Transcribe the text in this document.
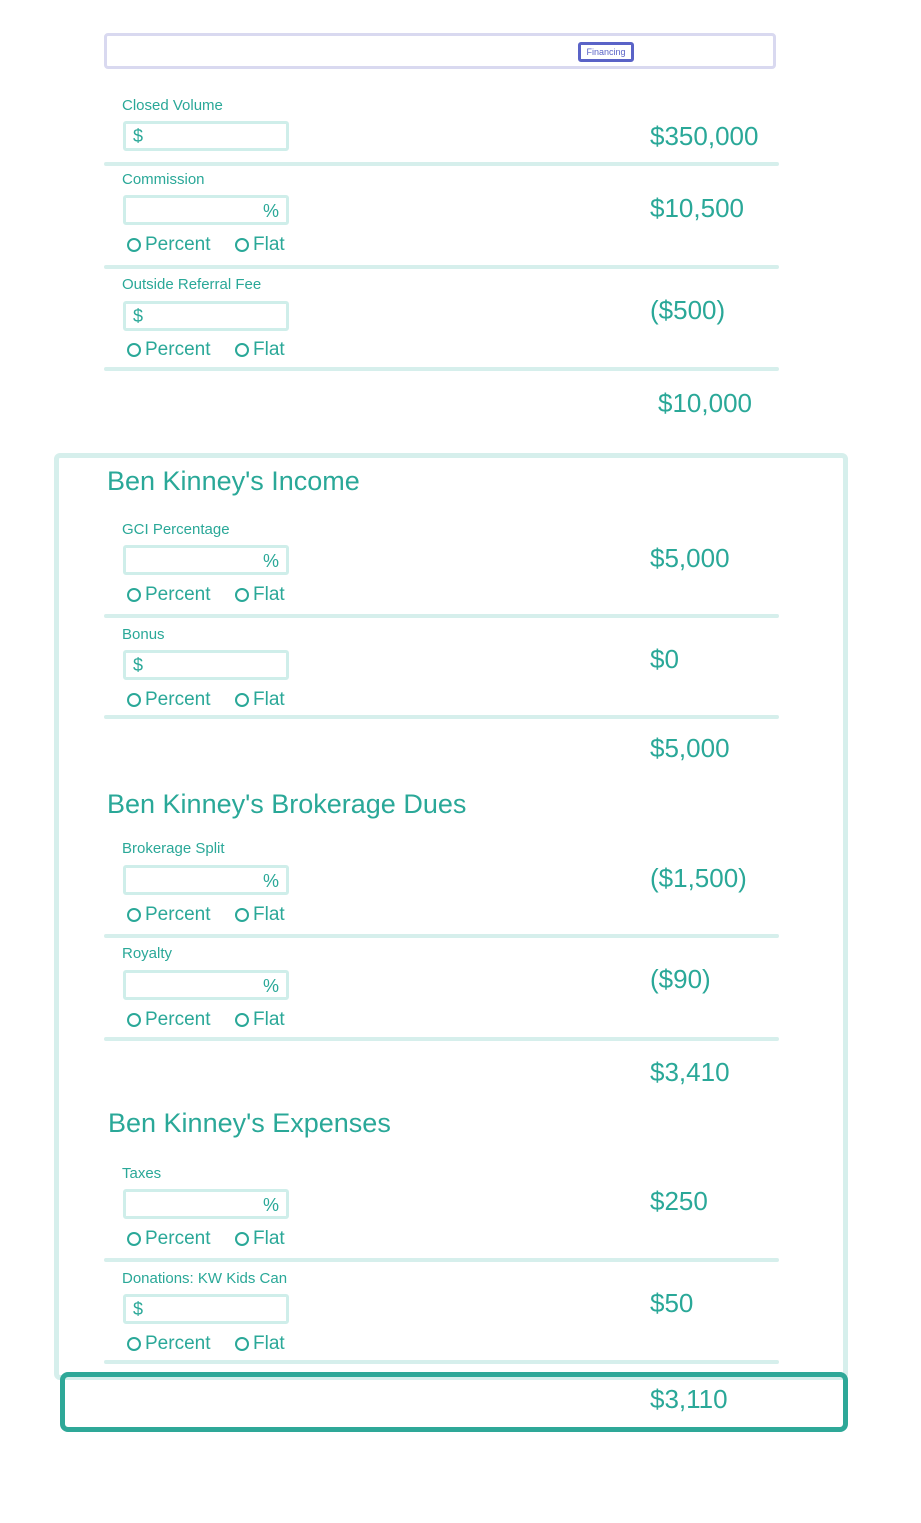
Financing
Closed Volume
$	$350,000
Commission
%
Percent Flat
$10,500
Outside Referral Fee
$
Percent Flat
($500)
$10,000
Ben Kinney's Income
GCI Percentage
%
Percent Flat
$5,000
Bonus
$
Percent Flat
$0
$5,000
Ben Kinney's Brokerage Dues
Brokerage Split
%
Percent Flat
($1,500)
Royalty
%
Percent Flat
($90)
$3,410
Ben Kinney's Expenses
Taxes
%
Percent Flat
$250
Donations: KW Kids Can
$
Percent Flat
$50
$3,110
